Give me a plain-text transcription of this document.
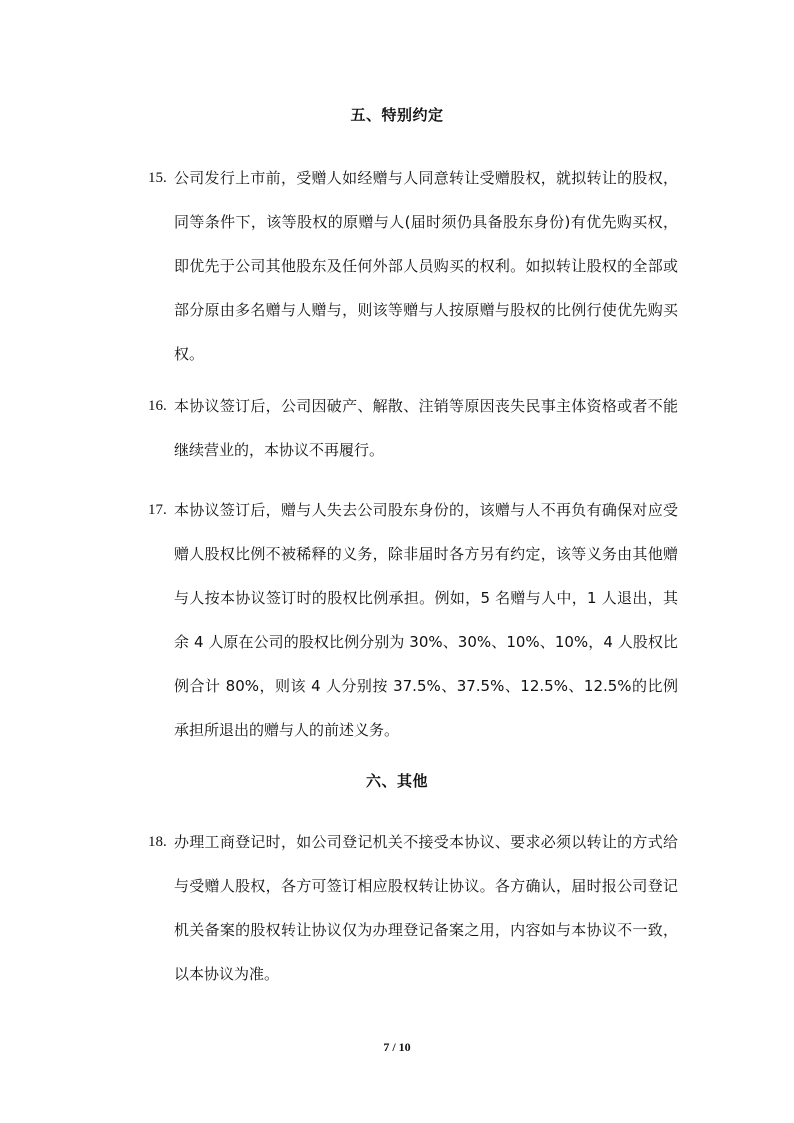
五、特别约定
15. 公司发行上市前，受赠人如经赠与人同意转让受赠股权，就拟转让的股权，同等条件下，该等股权的原赠与人(届时须仍具备股东身份)有优先购买权，即优先于公司其他股东及任何外部人员购买的权利。如拟转让股权的全部或部分原由多名赠与人赠与，则该等赠与人按原赠与股权的比例行使优先购买权。
16. 本协议签订后，公司因破产、解散、注销等原因丧失民事主体资格或者不能继续营业的，本协议不再履行。
17. 本协议签订后，赠与人失去公司股东身份的，该赠与人不再负有确保对应受赠人股权比例不被稀释的义务，除非届时各方另有约定，该等义务由其他赠与人按本协议签订时的股权比例承担。例如，5 名赠与人中，1 人退出，其余 4 人原在公司的股权比例分别为 30%、30%、10%、10%，4 人股权比例合计 80%，则该 4 人分别按 37.5%、37.5%、12.5%、12.5%的比例承担所退出的赠与人的前述义务。
六、其他
18. 办理工商登记时，如公司登记机关不接受本协议、要求必须以转让的方式给与受赠人股权，各方可签订相应股权转让协议。各方确认，届时报公司登记机关备案的股权转让协议仅为办理登记备案之用，内容如与本协议不一致，以本协议为准。
7 / 10
